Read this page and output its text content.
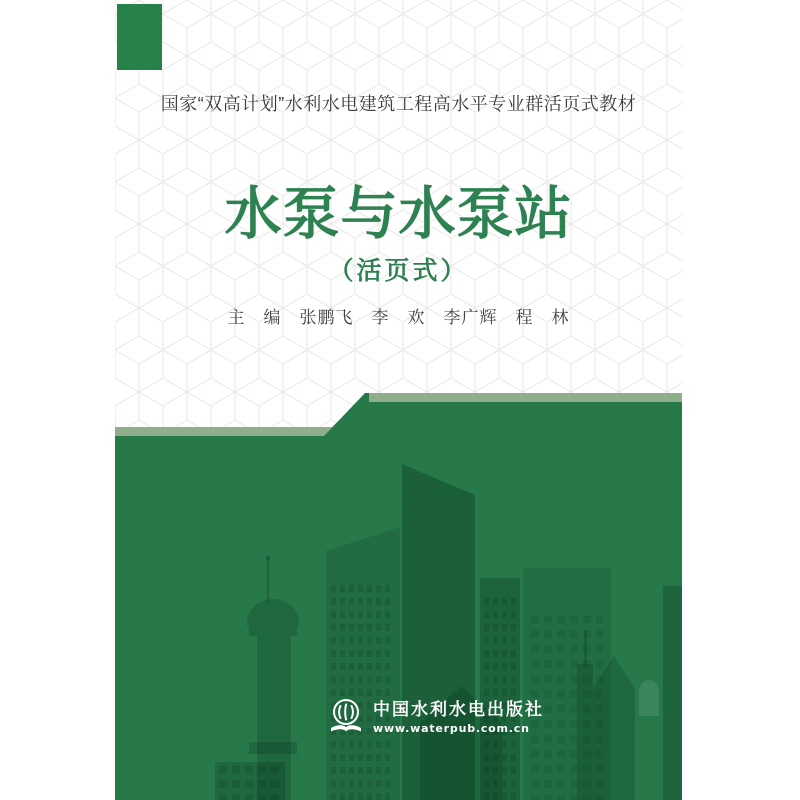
国家“双高计划”水利水电建筑工程高水平专业群活页式教材
水泵与水泵站
（活页式）
主　编　张鹏飞　李　欢　李广辉　程　林
中国水利水电出版社
www.waterpub.com.cn
